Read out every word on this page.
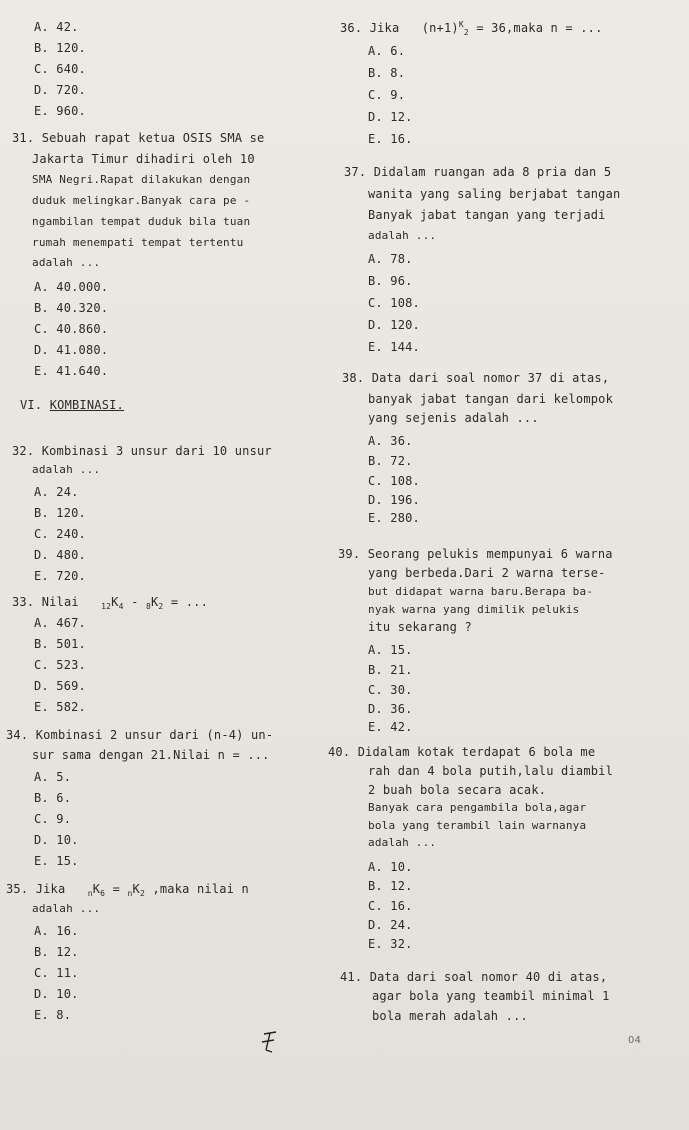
A. 42.
B. 120.
C. 640.
D. 720.
E. 960.
31. Sebuah rapat ketua OSIS SMA se
Jakarta Timur dihadiri oleh 10
SMA Negri.Rapat dilakukan dengan
duduk melingkar.Banyak cara pe -
ngambilan tempat duduk bila tuan
rumah menempati tempat tertentu
adalah ...
A. 40.000.
B. 40.320.
C. 40.860.
D. 41.080.
E. 41.640.
VI. KOMBINASI.
32. Kombinasi 3 unsur dari 10 unsur
adalah ...
A. 24.
B. 120.
C. 240.
D. 480.
E. 720.
33. Nilai	$_{12}K_4 - _8K_2$ = ...
A. 467.
B. 501.
C. 523.
D. 569.
E. 582.
34. Kombinasi 2 unsur dari (n-4) un-
sur sama dengan 21.Nilai n = ...
A. 5.
B. 6.
C. 9.
D. 10.
E. 15.
35. Jika	$_nK_6 = _nK_2$ ,maka nilai n
adalah ...
A. 16.
B. 12.
C. 11.
D. 10.
E. 8.
36. Jika $(n+1)^K_2$ = 36,maka n = ...
A. 6.
B. 8.
C. 9.
D. 12.
E. 16.
37. Didalam ruangan ada 8 pria dan 5
wanita yang saling berjabat tangan
Banyak jabat tangan yang terjadi
adalah ...
A. 78.
B. 96.
C. 108.
D. 120.
E. 144.
38. Data dari soal nomor 37 di atas,
banyak jabat tangan dari kelompok
yang sejenis adalah ...
A. 36.
B. 72.
C. 108.
D. 196.
E. 280.
39. Seorang pelukis mempunyai 6 warna
yang berbeda.Dari 2 warna terse-
but didapat warna baru.Berapa ba-
nyak warna yang dimilik pelukis
itu sekarang ?
A. 15.
B. 21.
C. 30.
D. 36.
E. 42.
40. Didalam kotak terdapat 6 bola me
rah dan 4 bola putih,lalu diambil
2 buah bola secara acak.
Banyak cara pengambila bola,agar
bola yang terambil lain warnanya
adalah ...
A. 10.
B. 12.
C. 16.
D. 24.
E. 32.
41. Data dari soal nomor 40 di atas,
agar bola yang teambil minimal 1
bola merah adalah ...
04
